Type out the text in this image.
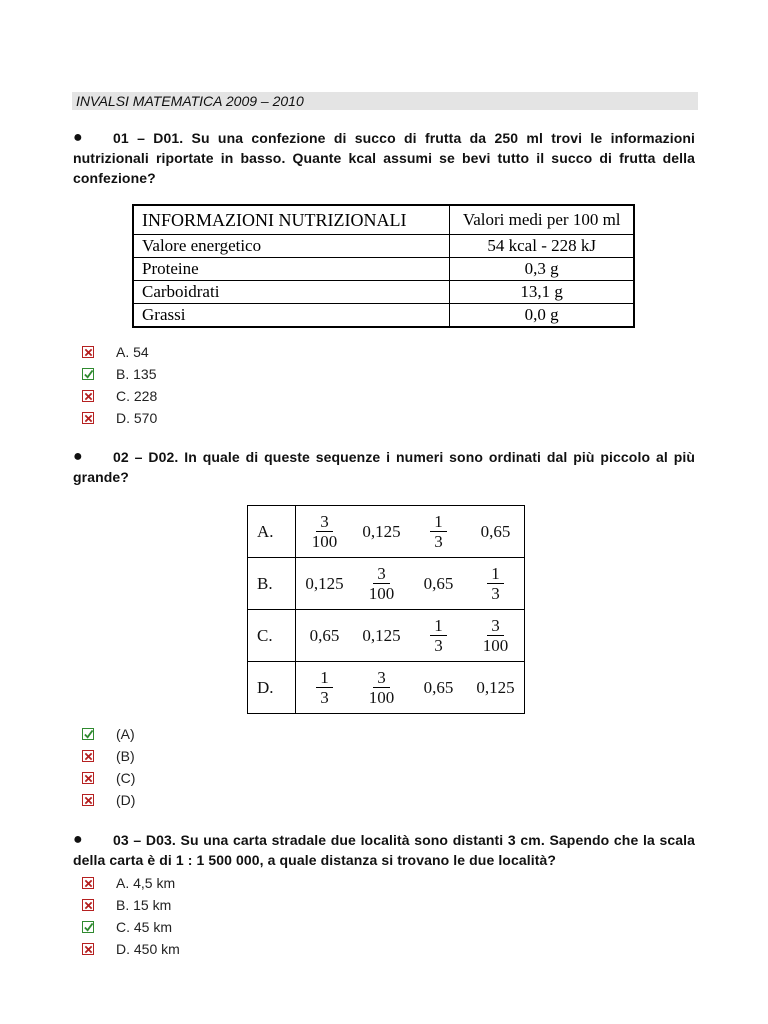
INVALSI MATEMATICA 2009 – 2010
● 01 – D01. Su una confezione di succo di frutta da 250 ml trovi le informazioni nutrizionali riportate in basso. Quante kcal assumi se bevi tutto il succo di frutta della confezione?
INFORMAZIONI NUTRIZIONALI	Valori medi per 100 ml
Valore energetico	54 kcal - 228 kJ
Proteine	0,3 g
Carboidrati	13,1 g
Grassi	0,0 g
A. 54
B. 135
C. 228
D. 570
● 02 – D02. In quale di queste sequenze i numeri sono ordinati dal più piccolo al più grande?
A.	$\frac{3}{100}$	0,125	$\frac{1}{3}$	0,65
B.	0,125	$\frac{3}{100}$	0,65	$\frac{1}{3}$

C.	0,65	0,125	$\frac{1}{3}$	$\frac{3}{100}$

D.	$\frac{1}{3}$	$\frac{3}{100}$	0,65	0,125
(A)
(B)
(C)
(D)
● 03 – D03. Su una carta stradale due località sono distanti 3 cm. Sapendo che la scala della carta è di 1 : 1 500 000, a quale distanza si trovano le due località?
A. 4,5 km
B. 15 km
C. 45 km
D. 450 km
